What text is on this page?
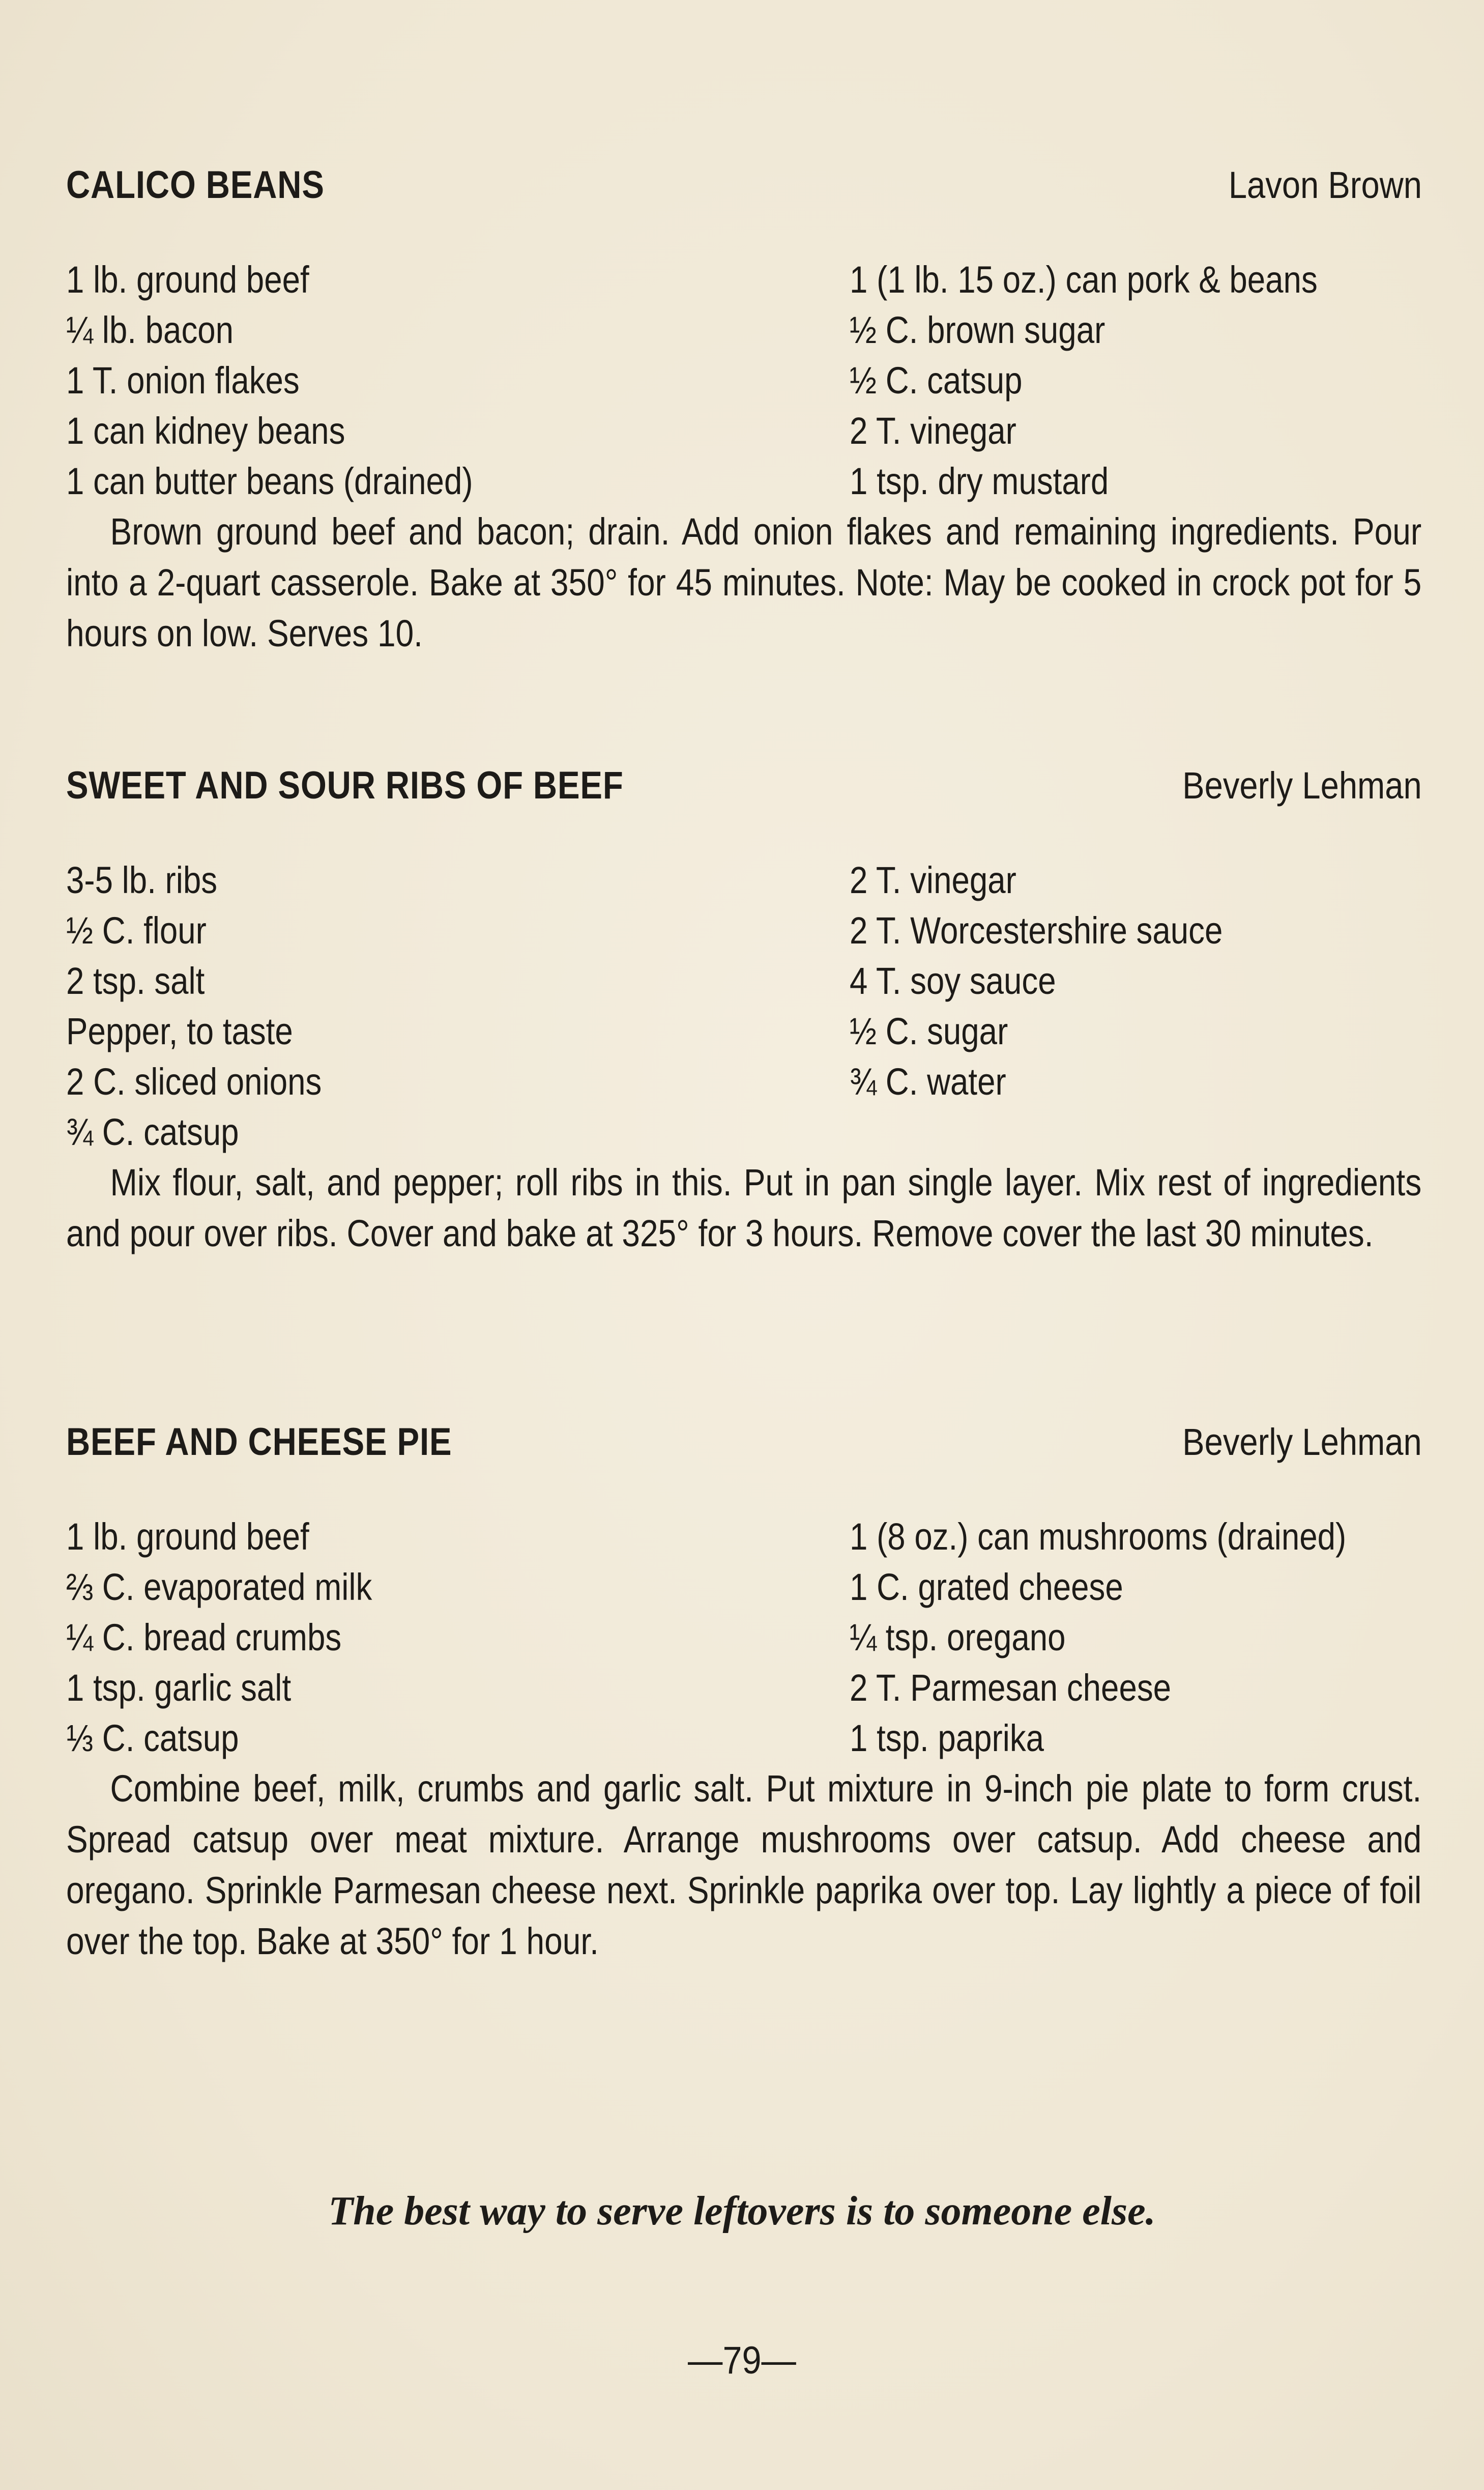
CALICO BEANS	Lavon Brown
1 lb. ground beef
¼ lb. bacon
1 T. onion flakes
1 can kidney beans
1 can butter beans (drained)
1 (1 lb. 15 oz.) can pork & beans
½ C. brown sugar
½ C. catsup
2 T. vinegar
1 tsp. dry mustard
Brown ground beef and bacon; drain. Add onion flakes and remaining ingredients. Pour into a 2-quart casserole. Bake at 350° for 45 minutes. Note: May be cooked in crock pot for 5 hours on low. Serves 10.
SWEET AND SOUR RIBS OF BEEF	Beverly Lehman
3-5 lb. ribs
½ C. flour
2 tsp. salt
Pepper, to taste
2 C. sliced onions
¾ C. catsup
2 T. vinegar
2 T. Worcestershire sauce
4 T. soy sauce
½ C. sugar
¾ C. water
Mix flour, salt, and pepper; roll ribs in this. Put in pan single layer. Mix rest of ingredients and pour over ribs. Cover and bake at 325° for 3 hours. Remove cover the last 30 minutes.
BEEF AND CHEESE PIE	Beverly Lehman
1 lb. ground beef
⅔ C. evaporated milk
¼ C. bread crumbs
1 tsp. garlic salt
⅓ C. catsup
1 (8 oz.) can mushrooms (drained)
1 C. grated cheese
¼ tsp. oregano
2 T. Parmesan cheese
1 tsp. paprika
Combine beef, milk, crumbs and garlic salt. Put mixture in 9-inch pie plate to form crust. Spread catsup over meat mixture. Arrange mushrooms over catsup. Add cheese and oregano. Sprinkle Parmesan cheese next. Sprinkle paprika over top. Lay lightly a piece of foil over the top. Bake at 350° for 1 hour.
The best way to serve leftovers is to someone else.
—79—
